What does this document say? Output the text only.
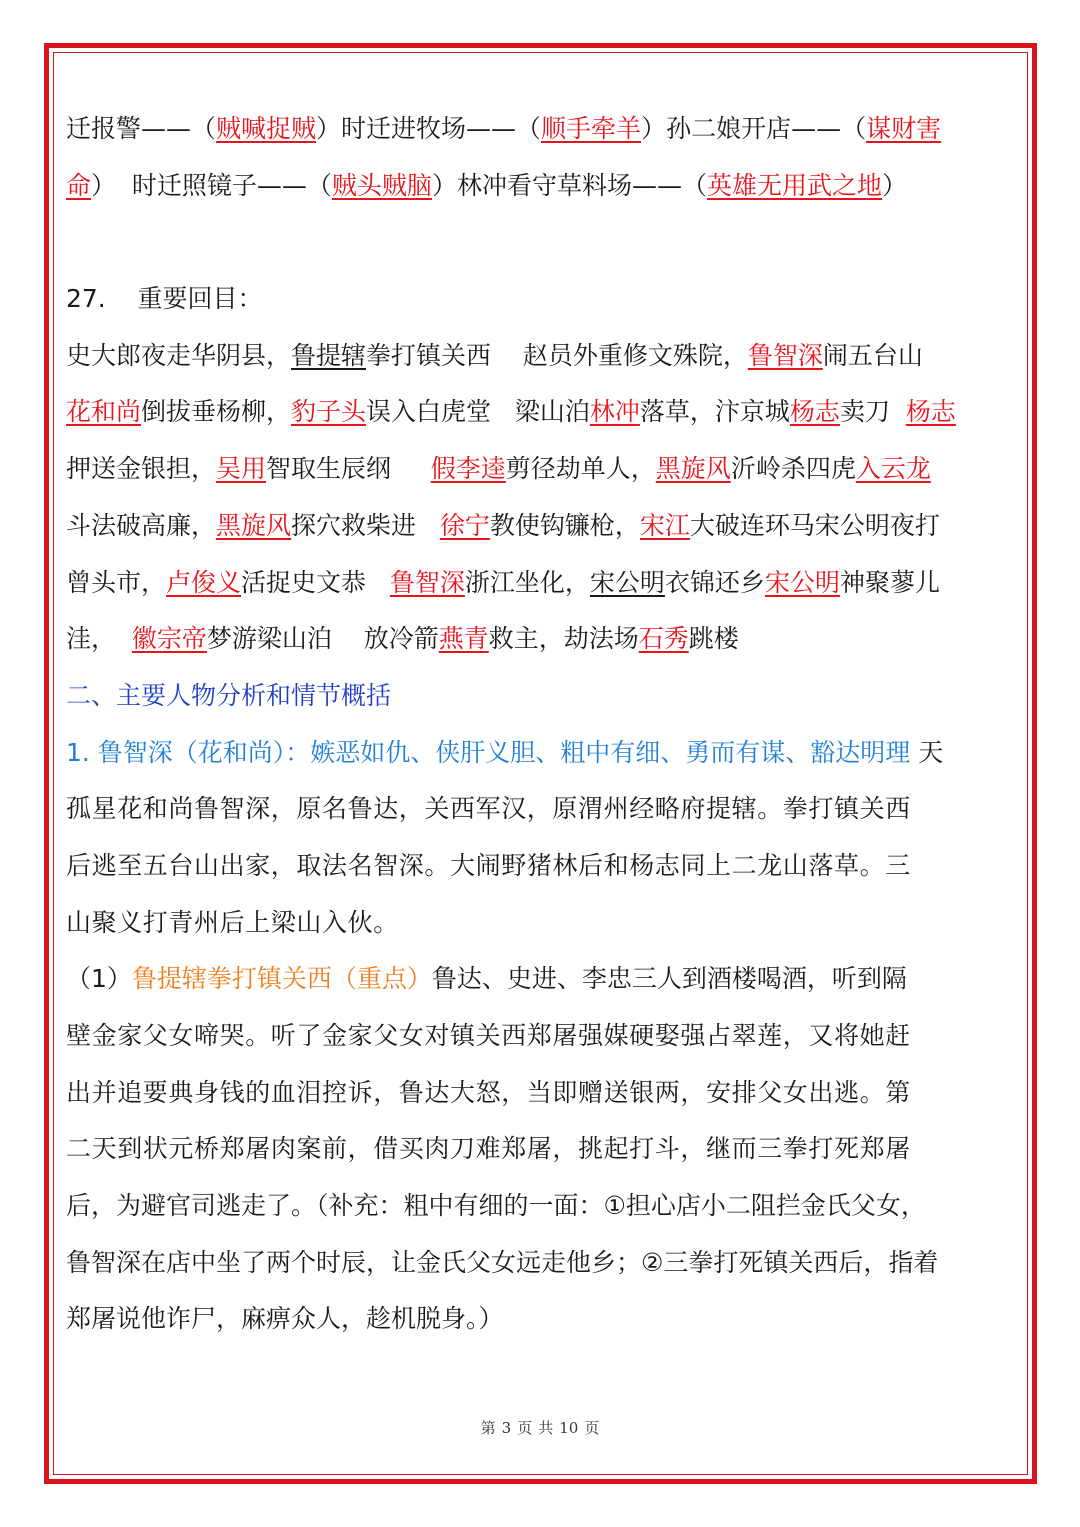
迁报警——（贼喊捉贼）时迁进牧场——（顺手牵羊）孙二娘开店——（谋财害
命）  时迁照镜子——（贼头贼脑）林冲看守草料场——（英雄无用武之地）
27.    重要回目：
史大郎夜走华阴县，鲁提辖拳打镇关西    赵员外重修文殊院，鲁智深闹五台山
花和尚倒拔垂杨柳，豹子头误入白虎堂   梁山泊林冲落草，汴京城杨志卖刀  杨志
押送金银担，吴用智取生辰纲     假李逵剪径劫单人，黑旋风沂岭杀四虎入云龙
斗法破高廉，黑旋风探穴救柴进   徐宁教使钩镰枪，宋江大破连环马宋公明夜打
曾头市，卢俊义活捉史文恭   鲁智深浙江坐化，宋公明衣锦还乡宋公明神聚蓼儿
洼，  徽宗帝梦游梁山泊    放冷箭燕青救主，劫法场石秀跳楼
二、主要人物分析和情节概括
1. 鲁智深（花和尚）：嫉恶如仇、侠肝义胆、粗中有细、勇而有谋、豁达明理 天
孤星花和尚鲁智深，原名鲁达，关西军汉，原渭州经略府提辖。拳打镇关西
后逃至五台山出家，取法名智深。大闹野猪林后和杨志同上二龙山落草。三
山聚义打青州后上梁山入伙。
（1）鲁提辖拳打镇关西（重点）鲁达、史进、李忠三人到酒楼喝酒，听到隔
壁金家父女啼哭。听了金家父女对镇关西郑屠强媒硬娶强占翠莲，又将她赶
出并追要典身钱的血泪控诉，鲁达大怒，当即赠送银两，安排父女出逃。第
二天到状元桥郑屠肉案前，借买肉刀难郑屠，挑起打斗，继而三拳打死郑屠
后，为避官司逃走了。（补充：粗中有细的一面：①担心店小二阻拦金氏父女，
鲁智深在店中坐了两个时辰，让金氏父女远走他乡；②三拳打死镇关西后，指着
郑屠说他诈尸，麻痹众人，趁机脱身。）
第 3 页 共 10 页
